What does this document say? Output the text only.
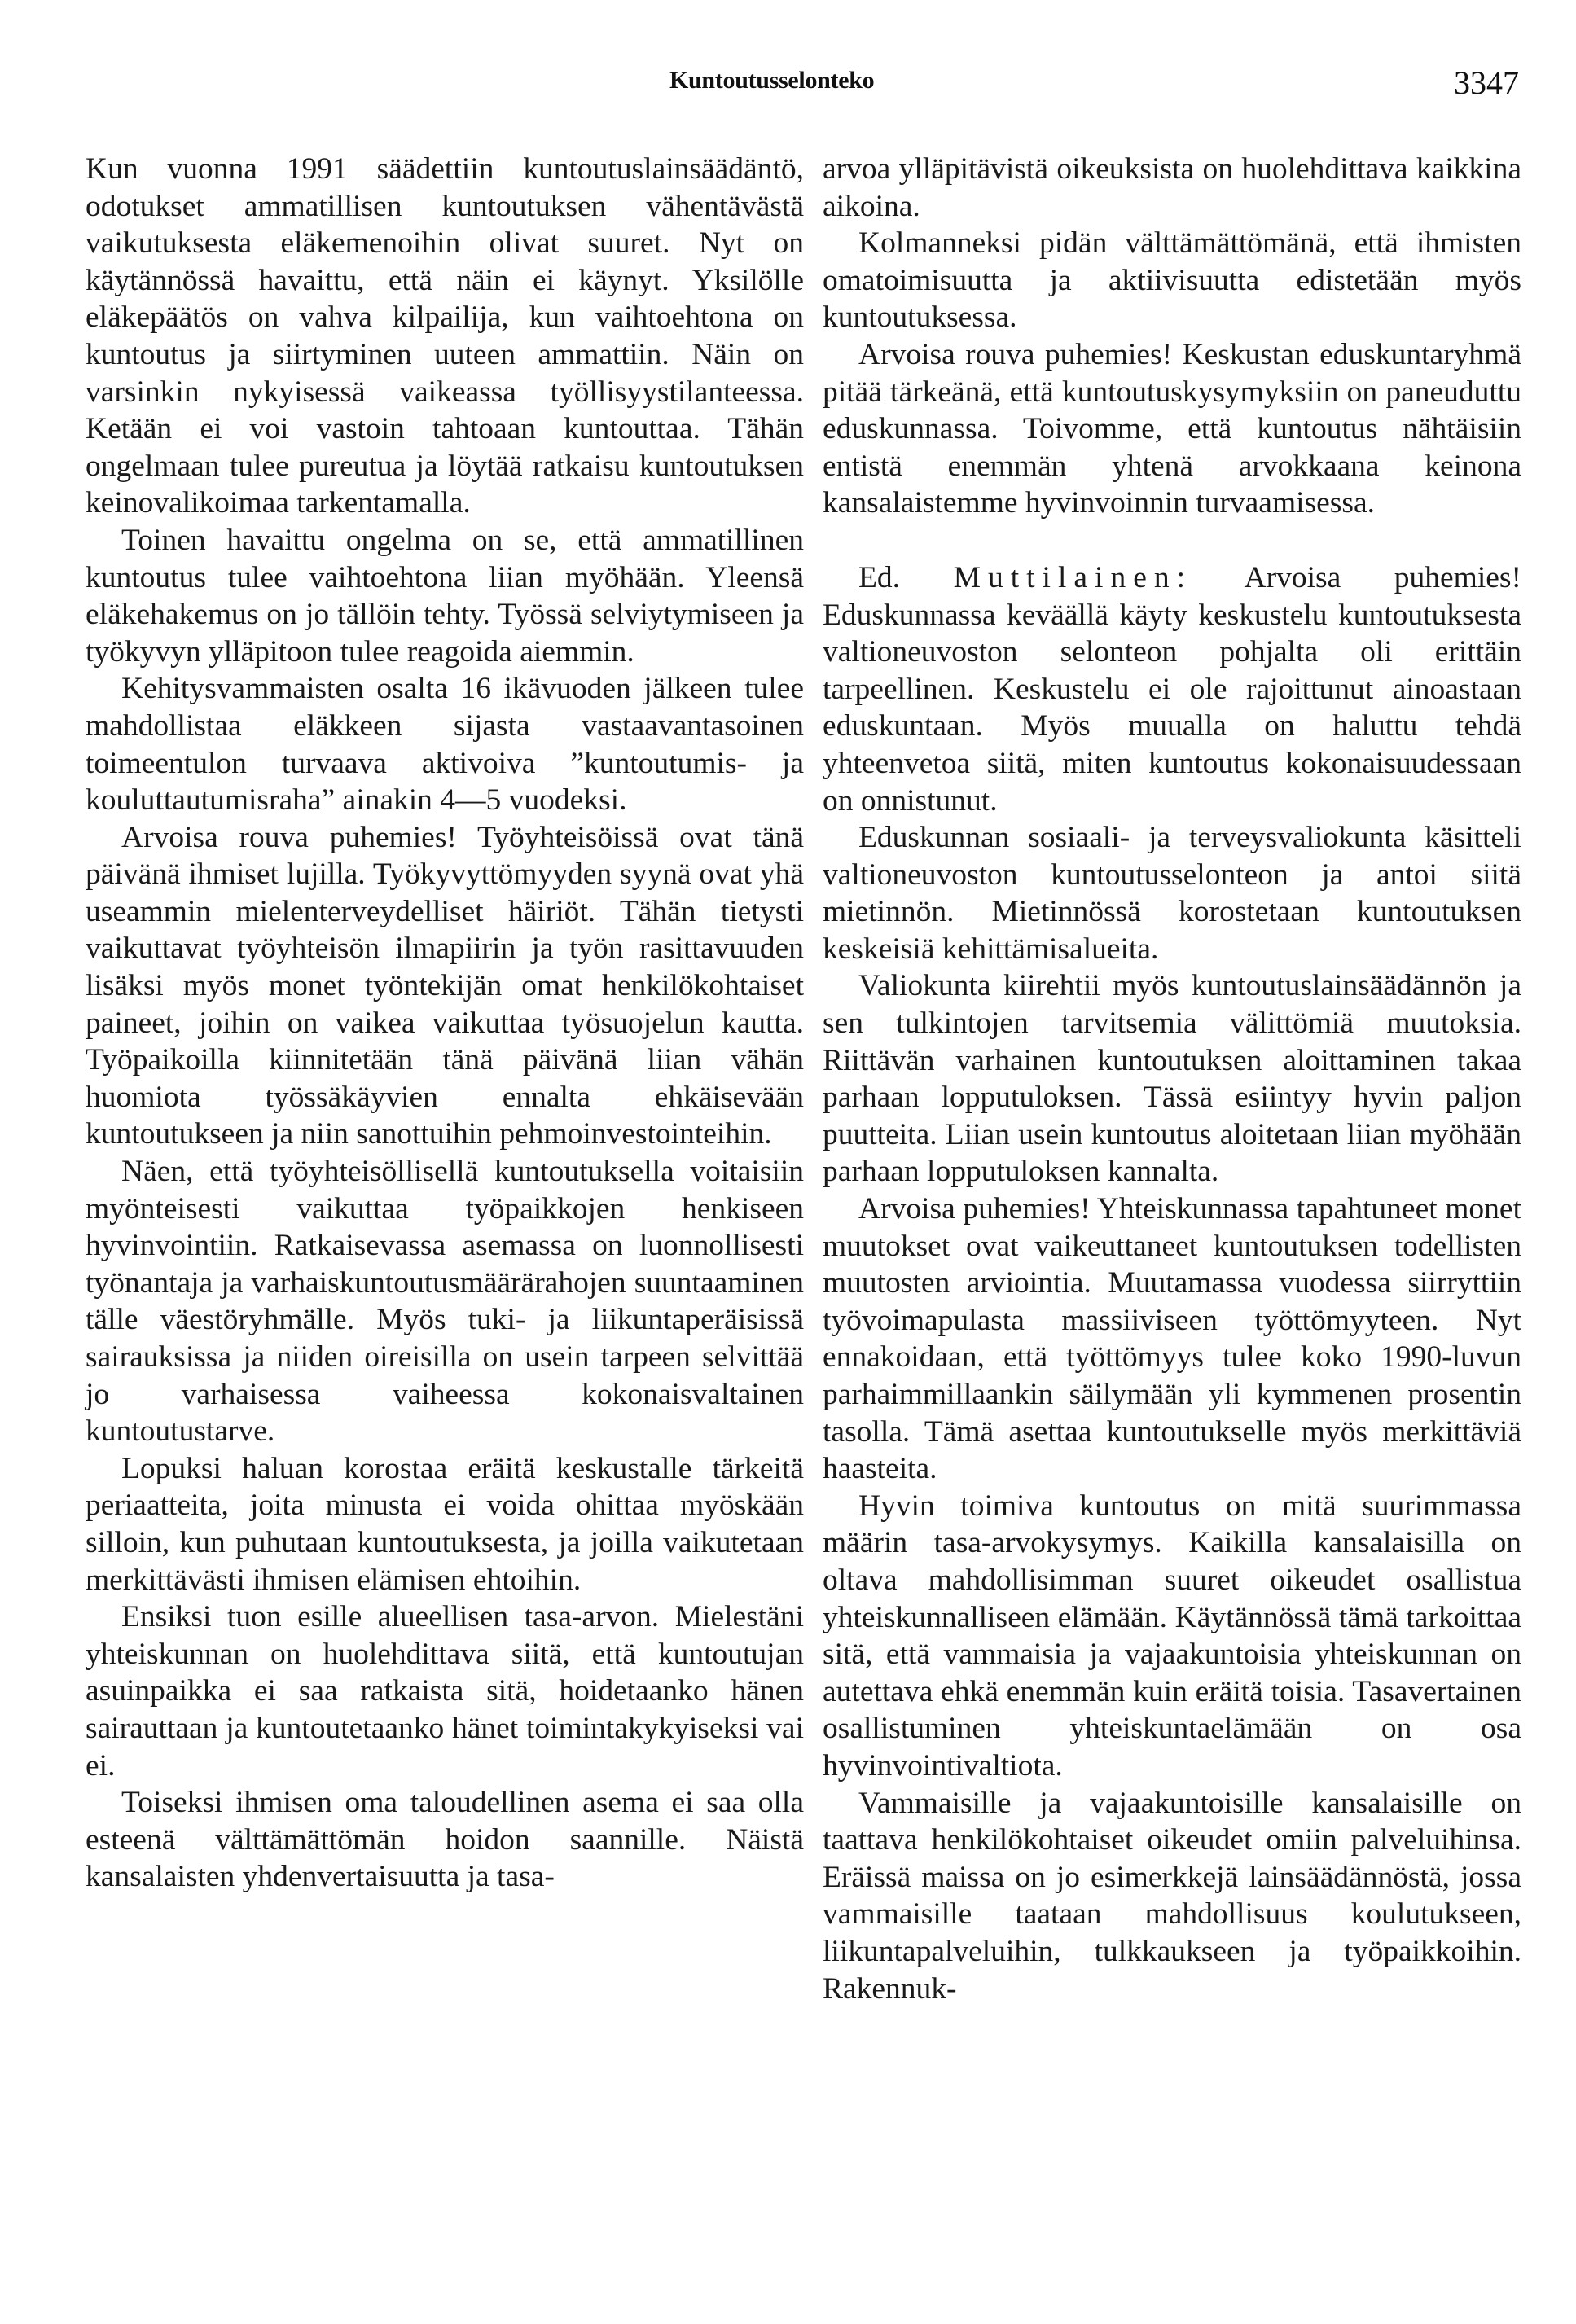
Kuntoutusselonteko	3347

Kun vuonna 1991 säädettiin kuntoutuslainsäädäntö, odotukset ammatillisen kuntoutuksen vähentävästä vaikutuksesta eläkemenoihin olivat suuret. Nyt on käytännössä havaittu, että näin ei käynyt. Yksilölle eläkepäätös on vahva kilpailija, kun vaihtoehtona on kuntoutus ja siirtyminen uuteen ammattiin. Näin on varsinkin nykyisessä vaikeassa työllisyystilanteessa. Ketään ei voi vastoin tahtoaan kuntouttaa. Tähän ongelmaan tulee pureutua ja löytää ratkaisu kuntoutuksen keinovalikoimaa tarkentamalla.

Toinen havaittu ongelma on se, että ammatillinen kuntoutus tulee vaihtoehtona liian myöhään. Yleensä eläkehakemus on jo tällöin tehty. Työssä selviytymiseen ja työkyvyn ylläpitoon tulee reagoida aiemmin.

Kehitysvammaisten osalta 16 ikävuoden jälkeen tulee mahdollistaa eläkkeen sijasta vastaavantasoinen toimeentulon turvaava aktivoiva ”kuntoutumis- ja kouluttautumisraha” ainakin 4—5 vuodeksi.

Arvoisa rouva puhemies! Työyhteisöissä ovat tänä päivänä ihmiset lujilla. Työkyvyttömyyden syynä ovat yhä useammin mielenterveydelliset häiriöt. Tähän tietysti vaikuttavat työyhteisön ilmapiirin ja työn rasittavuuden lisäksi myös monet työntekijän omat henkilökohtaiset paineet, joihin on vaikea vaikuttaa työsuojelun kautta. Työpaikoilla kiinnitetään tänä päivänä liian vähän huomiota työssäkäyvien ennalta ehkäisevään kuntoutukseen ja niin sanottuihin pehmoinvestointeihin.

Näen, että työyhteisöllisellä kuntoutuksella voitaisiin myönteisesti vaikuttaa työpaikkojen henkiseen hyvinvointiin. Ratkaisevassa asemassa on luonnollisesti työnantaja ja varhaiskuntoutusmäärärahojen suuntaaminen tälle väestöryhmälle. Myös tuki- ja liikuntaperäisissä sairauksissa ja niiden oireisilla on usein tarpeen selvittää jo varhaisessa vaiheessa kokonaisvaltainen kuntoutustarve.

Lopuksi haluan korostaa eräitä keskustalle tärkeitä periaatteita, joita minusta ei voida ohittaa myöskään silloin, kun puhutaan kuntoutuksesta, ja joilla vaikutetaan merkittävästi ihmisen elämisen ehtoihin.

Ensiksi tuon esille alueellisen tasa-arvon. Mielestäni yhteiskunnan on huolehdittava siitä, että kuntoutujan asuinpaikka ei saa ratkaista sitä, hoidetaanko hänen sairauttaan ja kuntoutetaanko hänet toimintakykyiseksi vai ei.

Toiseksi ihmisen oma taloudellinen asema ei saa olla esteenä välttämättömän hoidon saannille. Näistä kansalaisten yhdenvertaisuutta ja tasa-

arvoa ylläpitävistä oikeuksista on huolehdittava kaikkina aikoina.

Kolmanneksi pidän välttämättömänä, että ihmisten omatoimisuutta ja aktiivisuutta edistetään myös kuntoutuksessa.

Arvoisa rouva puhemies! Keskustan eduskuntaryhmä pitää tärkeänä, että kuntoutuskysymyksiin on paneuduttu eduskunnassa. Toivomme, että kuntoutus nähtäisiin entistä enemmän yhtenä arvokkaana keinona kansalaistemme hyvinvoinnin turvaamisessa.

Ed. Muttilainen: Arvoisa puhemies! Eduskunnassa keväällä käyty keskustelu kuntoutuksesta valtioneuvoston selonteon pohjalta oli erittäin tarpeellinen. Keskustelu ei ole rajoittunut ainoastaan eduskuntaan. Myös muualla on haluttu tehdä yhteenvetoa siitä, miten kuntoutus kokonaisuudessaan on onnistunut.

Eduskunnan sosiaali- ja terveysvaliokunta käsitteli valtioneuvoston kuntoutusselonteon ja antoi siitä mietinnön. Mietinnössä korostetaan kuntoutuksen keskeisiä kehittämisalueita.

Valiokunta kiirehtii myös kuntoutuslainsäädännön ja sen tulkintojen tarvitsemia välittömiä muutoksia. Riittävän varhainen kuntoutuksen aloittaminen takaa parhaan lopputuloksen. Tässä esiintyy hyvin paljon puutteita. Liian usein kuntoutus aloitetaan liian myöhään parhaan lopputuloksen kannalta.

Arvoisa puhemies! Yhteiskunnassa tapahtuneet monet muutokset ovat vaikeuttaneet kuntoutuksen todellisten muutosten arviointia. Muutamassa vuodessa siirryttiin työvoimapulasta massiiviseen työttömyyteen. Nyt ennakoidaan, että työttömyys tulee koko 1990-luvun parhaimmillaankin säilymään yli kymmenen prosentin tasolla. Tämä asettaa kuntoutukselle myös merkittäviä haasteita.

Hyvin toimiva kuntoutus on mitä suurimmassa määrin tasa-arvokysymys. Kaikilla kansalaisilla on oltava mahdollisimman suuret oikeudet osallistua yhteiskunnalliseen elämään. Käytännössä tämä tarkoittaa sitä, että vammaisia ja vajaakuntoisia yhteiskunnan on autettava ehkä enemmän kuin eräitä toisia. Tasavertainen osallistuminen yhteiskuntaelämään on osa hyvinvointivaltiota.

Vammaisille ja vajaakuntoisille kansalaisille on taattava henkilökohtaiset oikeudet omiin palveluihinsa. Eräissä maissa on jo esimerkkejä lainsäädännöstä, jossa vammaisille taataan mahdollisuus koulutukseen, liikuntapalveluihin, tulkkaukseen ja työpaikkoihin. Rakennuk-
